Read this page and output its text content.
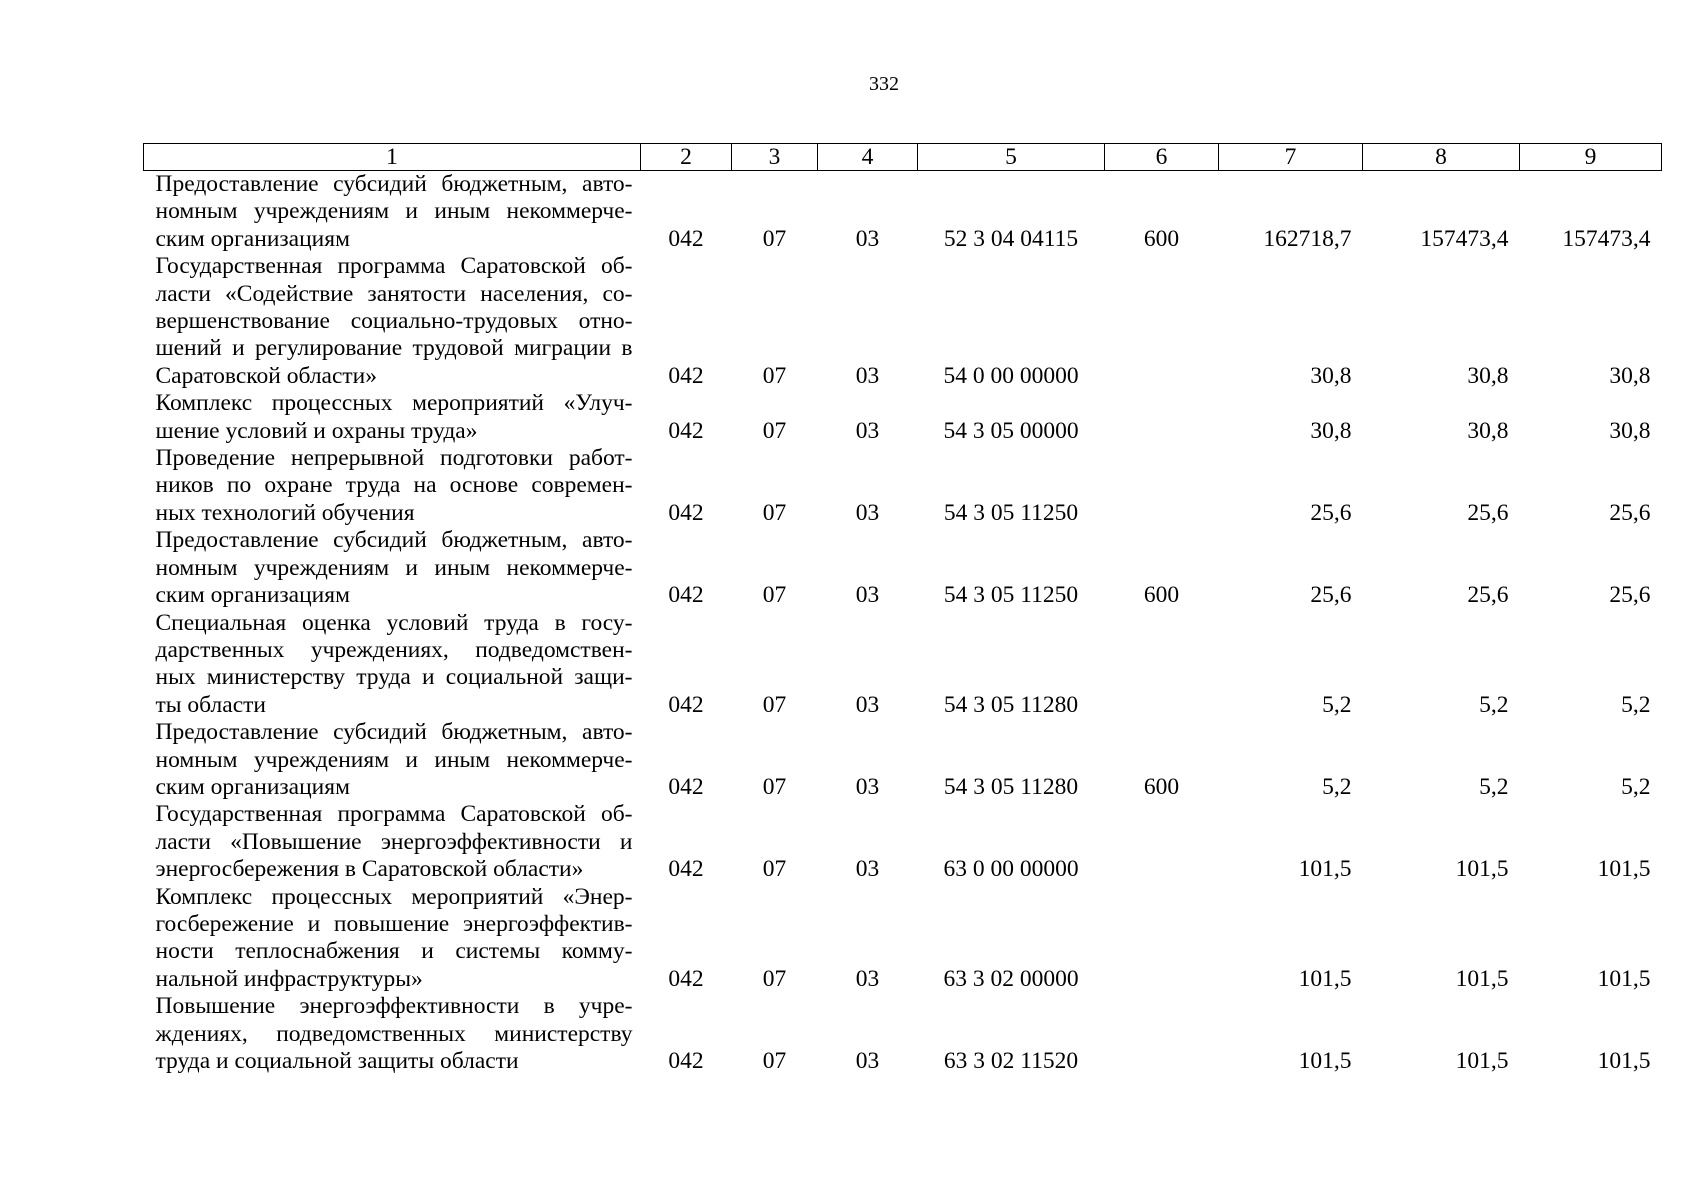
332
1	2	3	4	5	6	7	8	9

Предоставление субсидий бюджетным, авто-
номным учреждениям и иным некоммерче-
ским организациям	042	07	03	52 3 04 04115	600	162718,7	157473,4	157473,4

Государственная программа Саратовской об-
ласти «Содействие занятости населения, со-
вершенствование социально-трудовых отно-
шений и регулирование трудовой миграции в
Саратовской области»	042	07	03	54 0 00 00000		30,8	30,8	30,8

Комплекс процессных мероприятий «Улуч-
шение условий и охраны труда»	042	07	03	54 3 05 00000		30,8	30,8	30,8

Проведение непрерывной подготовки работ-
ников по охране труда на основе современ-
ных технологий обучения	042	07	03	54 3 05 11250		25,6	25,6	25,6

Предоставление субсидий бюджетным, авто-
номным учреждениям и иным некоммерче-
ским организациям	042	07	03	54 3 05 11250	600	25,6	25,6	25,6

Специальная оценка условий труда в госу-
дарственных учреждениях, подведомствен-
ных министерству труда и социальной защи-
ты области	042	07	03	54 3 05 11280		5,2	5,2	5,2

Предоставление субсидий бюджетным, авто-
номным учреждениям и иным некоммерче-
ским организациям	042	07	03	54 3 05 11280	600	5,2	5,2	5,2

Государственная программа Саратовской об-
ласти «Повышение энергоэффективности и
энергосбережения в Саратовской области»	042	07	03	63 0 00 00000		101,5	101,5	101,5

Комплекс процессных мероприятий «Энер-
госбережение и повышение энергоэффектив-
ности теплоснабжения и системы комму-
нальной инфраструктуры»	042	07	03	63 3 02 00000		101,5	101,5	101,5

Повышение энергоэффективности в учре-
ждениях, подведомственных министерству
труда и социальной защиты области	042	07	03	63 3 02 11520		101,5	101,5	101,5
